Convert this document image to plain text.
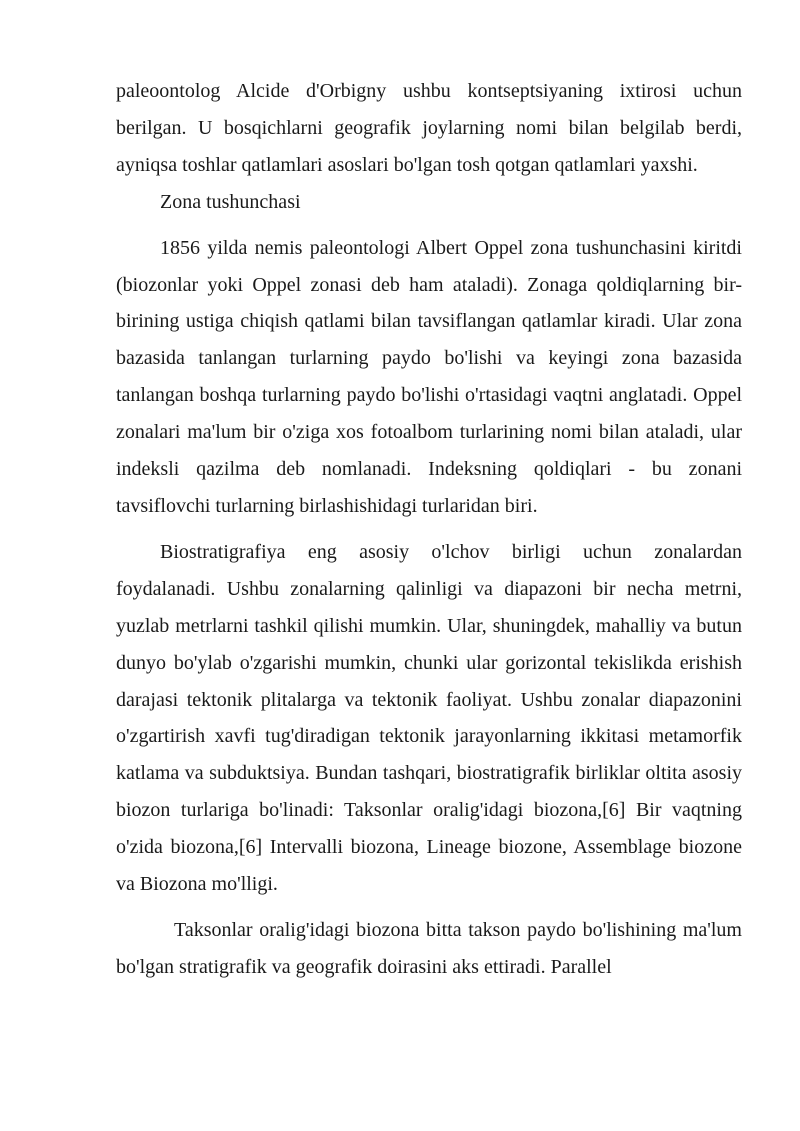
paleoontolog Alcide d'Orbigny ushbu kontseptsiyaning ixtirosi uchun berilgan. U bosqichlarni geografik joylarning nomi bilan belgilab berdi, ayniqsa toshlar qatlamlari asoslari bo'lgan tosh qotgan qatlamlari yaxshi.

Zona tushunchasi

1856 yilda nemis paleontologi Albert Oppel zona tushunchasini kiritdi (biozonlar yoki Oppel zonasi deb ham ataladi). Zonaga qoldiqlarning bir-birining ustiga chiqish qatlami bilan tavsiflangan qatlamlar kiradi. Ular zona bazasida tanlangan turlarning paydo bo'lishi va keyingi zona bazasida tanlangan boshqa turlarning paydo bo'lishi o'rtasidagi vaqtni anglatadi. Oppel zonalari ma'lum bir o'ziga xos fotoalbom turlarining nomi bilan ataladi, ular indeksli qazilma deb nomlanadi. Indeksning qoldiqlari - bu zonani tavsiflovchi turlarning birlashishidagi turlaridan biri.

Biostratigrafiya eng asosiy o'lchov birligi uchun zonalardan foydalanadi. Ushbu zonalarning qalinligi va diapazoni bir necha metrni, yuzlab metrlarni tashkil qilishi mumkin. Ular, shuningdek, mahalliy va butun dunyo bo'ylab o'zgarishi mumkin, chunki ular gorizontal tekislikda erishish darajasi tektonik plitalarga va tektonik faoliyat. Ushbu zonalar diapazonini o'zgartirish xavfi tug'diradigan tektonik jarayonlarning ikkitasi metamorfik katlama va subduktsiya. Bundan tashqari, biostratigrafik birliklar oltita asosiy biozon turlariga bo'linadi: Taksonlar oralig'idagi biozona,[6] Bir vaqtning o'zida biozona,[6] Intervalli biozona, Lineage biozone, Assemblage biozone va Biozona mo'lligi.

Taksonlar oralig'idagi biozona bitta takson paydo bo'lishining ma'lum bo'lgan stratigrafik va geografik doirasini aks ettiradi. Parallel
